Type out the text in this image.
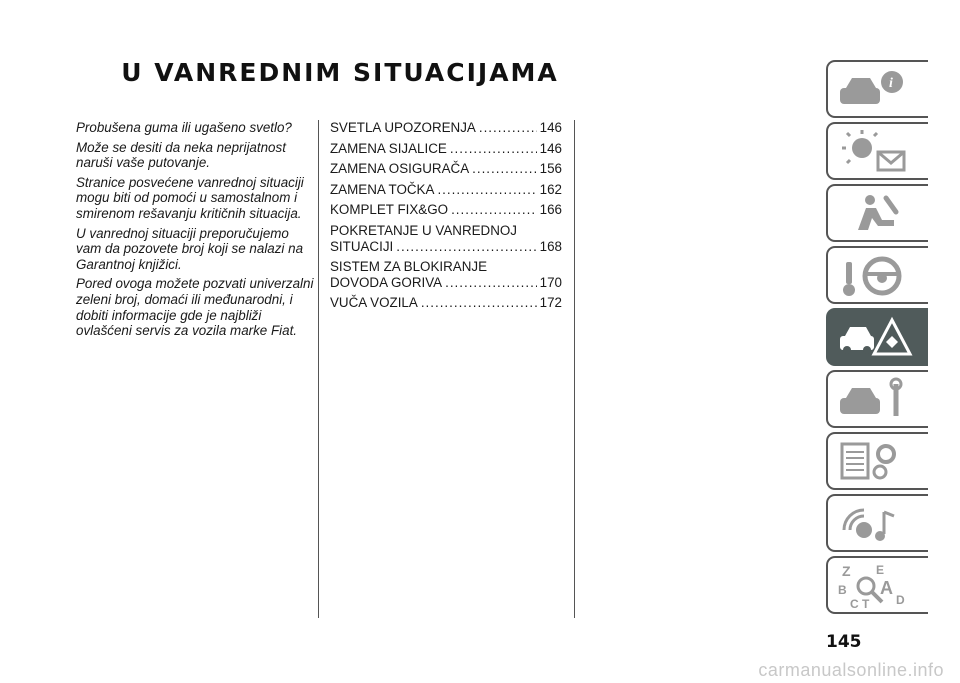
U VANREDNIM SITUACIJAMA

Probušena guma ili ugašeno svetlo?

Može se desiti da neka neprijatnost naruši vaše putovanje.

Stranice posvećene vanrednoj situaciji mogu biti od pomoći u samostalnom i smirenom rešavanju kritičnih situacija.

U vanrednoj situaciji preporučujemo vam da pozovete broj koji se nalazi na Garantnoj knjižici.

Pored ovoga možete pozvati univerzalni zeleni broj, domaći ili međunarodni, i dobiti informacije gde je najbliži ovlašćeni servis za vozila marke Fiat.

SVETLA UPOZORENJA .....	146
ZAMENA SIJALICE .....	146
ZAMENA OSIGURAČA .....	156
ZAMENA TOČKA .....	162
KOMPLET FIX&GO .....	166
POKRETANJE U VANREDNOJ
SITUACIJI .....	168
SISTEM ZA BLOKIRANJE
DOVODA GORIVA .....	170
VUČA VOZILA .....	172
i
Z E
B A
C T D
145
carmanualsonline.info
